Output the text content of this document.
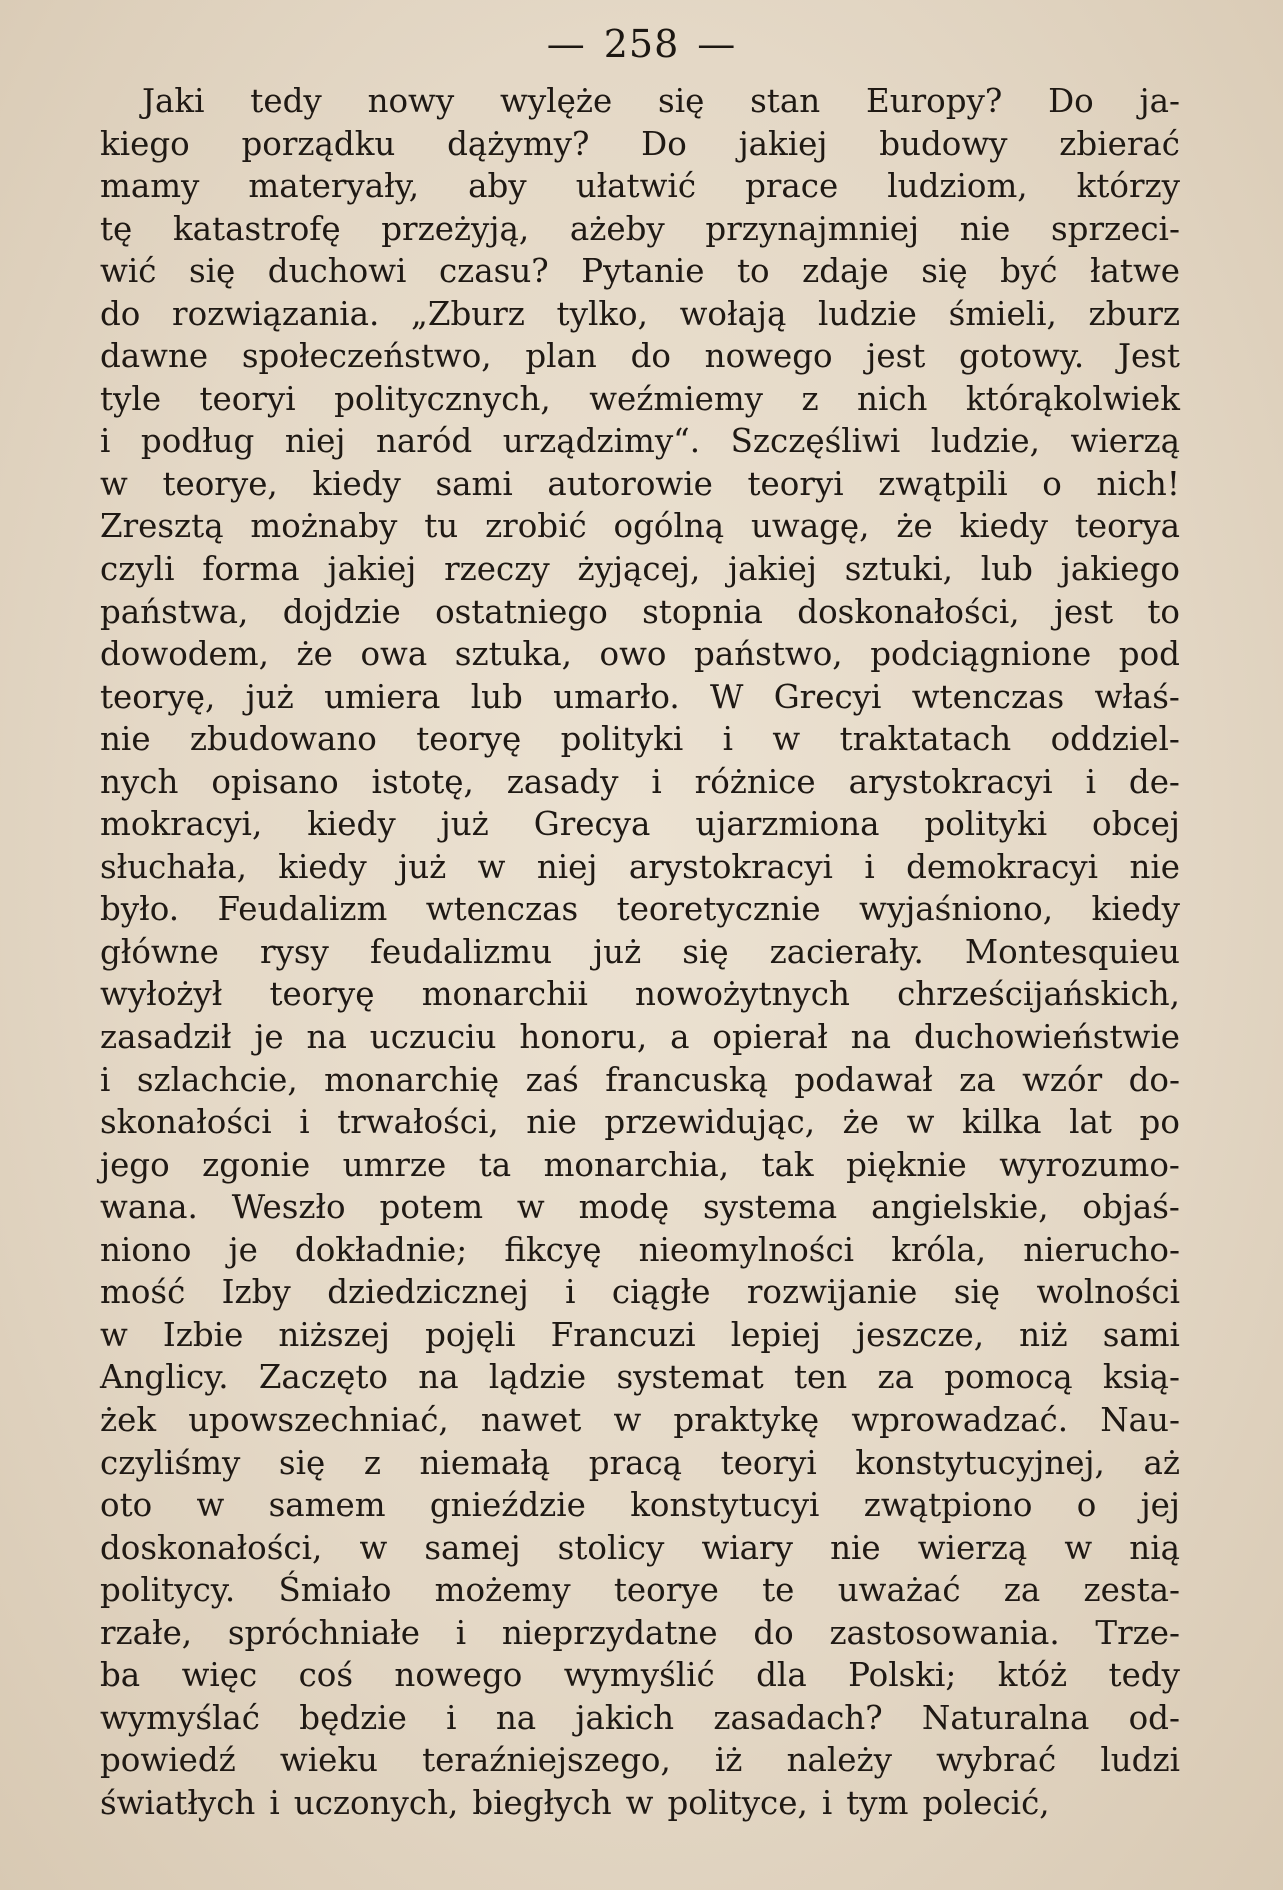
— 258 —
Jaki tedy nowy wylęże się stan Europy? Do ja-
kiego porządku dążymy? Do jakiej budowy zbierać
mamy materyały, aby ułatwić prace ludziom, którzy
tę katastrofę przeżyją, ażeby przynajmniej nie sprzeci-
wić się duchowi czasu? Pytanie to zdaje się być łatwe
do rozwiązania. „Zburz tylko, wołają ludzie śmieli, zburz
dawne społeczeństwo, plan do nowego jest gotowy. Jest
tyle teoryi politycznych, weźmiemy z nich którąkolwiek
i podług niej naród urządzimy“. Szczęśliwi ludzie, wierzą
w teorye, kiedy sami autorowie teoryi zwątpili o nich!
Zresztą możnaby tu zrobić ogólną uwagę, że kiedy teorya
czyli forma jakiej rzeczy żyjącej, jakiej sztuki, lub jakiego
państwa, dojdzie ostatniego stopnia doskonałości, jest to
dowodem, że owa sztuka, owo państwo, podciągnione pod
teoryę, już umiera lub umarło. W Grecyi wtenczas właś-
nie zbudowano teoryę polityki i w traktatach oddziel-
nych opisano istotę, zasady i różnice arystokracyi i de-
mokracyi, kiedy już Grecya ujarzmiona polityki obcej
słuchała, kiedy już w niej arystokracyi i demokracyi nie
było. Feudalizm wtenczas teoretycznie wyjaśniono, kiedy
główne rysy feudalizmu już się zacierały. Montesquieu
wyłożył teoryę monarchii nowożytnych chrześcijańskich,
zasadził je na uczuciu honoru, a opierał na duchowieństwie
i szlachcie, monarchię zaś francuską podawał za wzór do-
skonałości i trwałości, nie przewidując, że w kilka lat po
jego zgonie umrze ta monarchia, tak pięknie wyrozumo-
wana. Weszło potem w modę systema angielskie, objaś-
niono je dokładnie; fikcyę nieomylności króla, nierucho-
mość Izby dziedzicznej i ciągłe rozwijanie się wolności
w Izbie niższej pojęli Francuzi lepiej jeszcze, niż sami
Anglicy. Zaczęto na lądzie systemat ten za pomocą ksią-
żek upowszechniać, nawet w praktykę wprowadzać. Nau-
czyliśmy się z niemałą pracą teoryi konstytucyjnej, aż
oto w samem gnieździe konstytucyi zwątpiono o jej
doskonałości, w samej stolicy wiary nie wierzą w nią
politycy. Śmiało możemy teorye te uważać za zesta-
rzałe, spróchniałe i nieprzydatne do zastosowania. Trze-
ba więc coś nowego wymyślić dla Polski; któż tedy
wymyślać będzie i na jakich zasadach? Naturalna od-
powiedź wieku teraźniejszego, iż należy wybrać ludzi
światłych i uczonych, biegłych w polityce, i tym polecić,
